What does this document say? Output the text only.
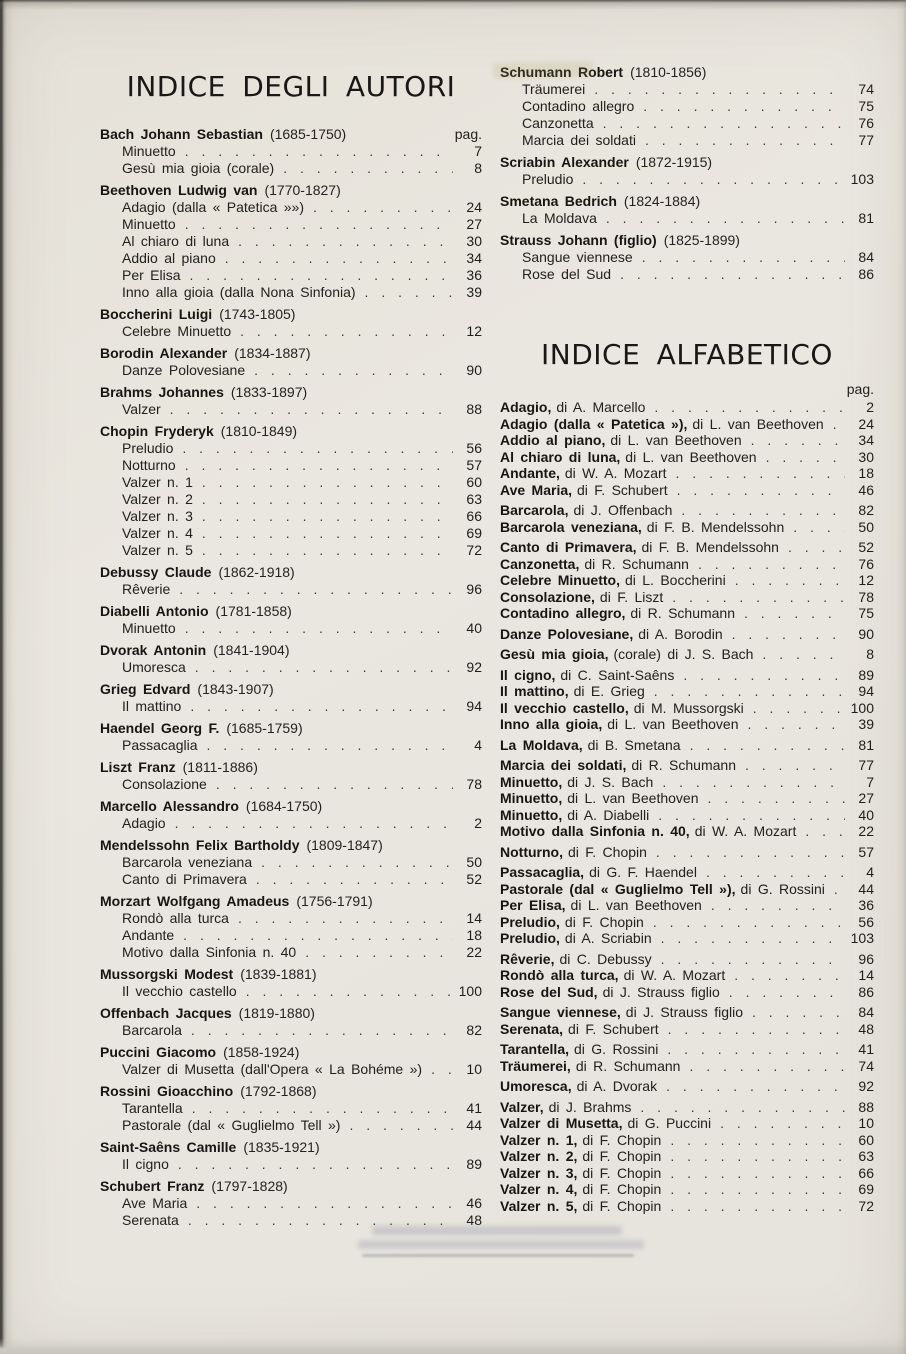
INDICE DEGLI AUTORI
Bach Johann Sebastian (1685-1750)	pag.
Minuetto . . .	7
Gesù mia gioia (corale) . . .	8
Beethoven Ludwig van (1770-1827)
Adagio (dalla « Patetica »») . . .	24
Minuetto . . .	27
Al chiaro di luna . . .	30
Addio al piano . . .	34
Per Elisa . . .	36
Inno alla gioia (dalla Nona Sinfonia) . . .	39
Boccherini Luigi (1743-1805)
Celebre Minuetto . . .	12
Borodin Alexander (1834-1887)
Danze Polovesiane . . .	90
Brahms Johannes (1833-1897)
Valzer . . .	88
Chopin Fryderyk (1810-1849)
Preludio . . .	56
Notturno . . .	57
Valzer n. 1 . . .	60
Valzer n. 2 . . .	63
Valzer n. 3 . . .	66
Valzer n. 4 . . .	69
Valzer n. 5 . . .	72
Debussy Claude (1862-1918)
Rêverie . . .	96
Diabelli Antonio (1781-1858)
Minuetto . . .	40
Dvorak Antonin (1841-1904)
Umoresca . . .	92
Grieg Edvard (1843-1907)
Il mattino . . .	94
Haendel Georg F. (1685-1759)
Passacaglia . . .	4
Liszt Franz (1811-1886)
Consolazione . . .	78
Marcello Alessandro (1684-1750)
Adagio . . .	2
Mendelssohn Felix Bartholdy (1809-1847)
Barcarola veneziana . . .	50
Canto di Primavera . . .	52
Morzart Wolfgang Amadeus (1756-1791)
Rondò alla turca . . .	14
Andante . . .	18
Motivo dalla Sinfonia n. 40 . . .	22
Mussorgski Modest (1839-1881)
Il vecchio castello . . .	100
Offenbach Jacques (1819-1880)
Barcarola . . .	82
Puccini Giacomo (1858-1924)
Valzer di Musetta (dall'Opera « La Bohéme ») . . .	10
Rossini Gioacchino (1792-1868)
Tarantella . . .	41
Pastorale (dal « Guglielmo Tell ») . . .	44
Saint-Saêns Camille (1835-1921)
Il cigno . . .	89
Schubert Franz (1797-1828)
Ave Maria . . .	46
Serenata . . .	48
Schumann Robert (1810-1856)
Träumerei . . .	74
Contadino allegro . . .	75
Canzonetta . . .	76
Marcia dei soldati . . .	77
Scriabin Alexander (1872-1915)
Preludio . . .	103
Smetana Bedrich (1824-1884)
La Moldava . . .	81
Strauss Johann (figlio) (1825-1899)
Sangue viennese . . .	84
Rose del Sud . . .	86
INDICE ALFABETICO
pag.
Adagio, di A. Marcello . . .	2
Adagio (dalla « Patetica »), di L. van Beethoven . . .	24
Addio al piano, di L. van Beethoven . . .	34
Al chiaro di luna, di L. van Beethoven . . .	30
Andante, di W. A. Mozart . . .	18
Ave Maria, di F. Schubert . . .	46
Barcarola, di J. Offenbach . . .	82
Barcarola veneziana, di F. B. Mendelssohn . . .	50
Canto di Primavera, di F. B. Mendelssohn . . .	52
Canzonetta, di R. Schumann . . .	76
Celebre Minuetto, di L. Boccherini . . .	12
Consolazione, di F. Liszt . . .	78
Contadino allegro, di R. Schumann . . .	75
Danze Polovesiane, di A. Borodin . . .	90
Gesù mia gioia, (corale) di J. S. Bach . . .	8
Il cigno, di C. Saint-Saêns . . .	89
Il mattino, di E. Grieg . . .	94
Il vecchio castello, di M. Mussorgski . . .	100
Inno alla gioia, di L. van Beethoven . . .	39
La Moldava, di B. Smetana . . .	81
Marcia dei soldati, di R. Schumann . . .	77
Minuetto, di J. S. Bach . . .	7
Minuetto, di L. van Beethoven . . .	27
Minuetto, di A. Diabelli . . .	40
Motivo dalla Sinfonia n. 40, di W. A. Mozart . . .	22
Notturno, di F. Chopin . . .	57
Passacaglia, di G. F. Haendel . . .	4
Pastorale (dal « Guglielmo Tell »), di G. Rossini . . .	44
Per Elisa, di L. van Beethoven . . .	36
Preludio, di F. Chopin . . .	56
Preludio, di A. Scriabin . . .	103
Rêverie, di C. Debussy . . .	96
Rondò alla turca, di W. A. Mozart . . .	14
Rose del Sud, di J. Strauss figlio . . .	86
Sangue viennese, di J. Strauss figlio . . .	84
Serenata, di F. Schubert . . .	48
Tarantella, di G. Rossini . . .	41
Träumerei, di R. Schumann . . .	74
Umoresca, di A. Dvorak . . .	92
Valzer, di J. Brahms . . .	88
Valzer di Musetta, di G. Puccini . . .	10
Valzer n. 1, di F. Chopin . . .	60
Valzer n. 2, di F. Chopin . . .	63
Valzer n. 3, di F. Chopin . . .	66
Valzer n. 4, di F. Chopin . . .	69
Valzer n. 5, di F. Chopin . . .	72
